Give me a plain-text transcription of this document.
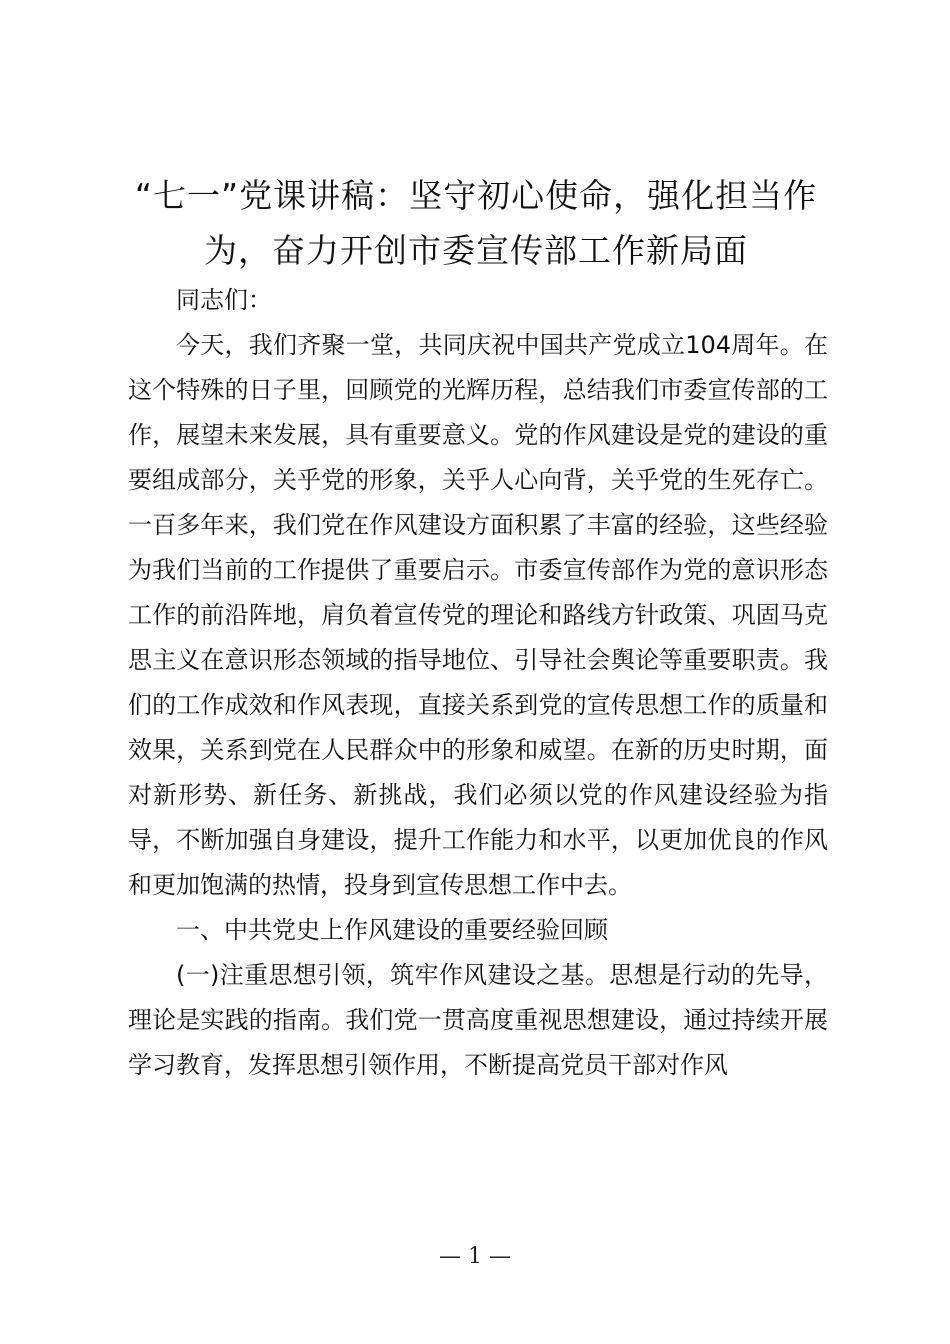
“七一”党课讲稿：坚守初心使命，强化担当作为，奋力开创市委宣传部工作新局面

同志们：

今天，我们齐聚一堂，共同庆祝中国共产党成立104周年。在这个特殊的日子里，回顾党的光辉历程，总结我们市委宣传部的工作，展望未来发展，具有重要意义。党的作风建设是党的建设的重要组成部分，关乎党的形象，关乎人心向背，关乎党的生死存亡。一百多年来，我们党在作风建设方面积累了丰富的经验，这些经验为我们当前的工作提供了重要启示。市委宣传部作为党的意识形态工作的前沿阵地，肩负着宣传党的理论和路线方针政策、巩固马克思主义在意识形态领域的指导地位、引导社会舆论等重要职责。我们的工作成效和作风表现，直接关系到党的宣传思想工作的质量和效果，关系到党在人民群众中的形象和威望。在新的历史时期，面对新形势、新任务、新挑战，我们必须以党的作风建设经验为指导，不断加强自身建设，提升工作能力和水平，以更加优良的作风和更加饱满的热情，投身到宣传思想工作中去。

一、中共党史上作风建设的重要经验回顾

(一)注重思想引领，筑牢作风建设之基。思想是行动的先导，理论是实践的指南。我们党一贯高度重视思想建设，通过持续开展学习教育，发挥思想引领作用，不断提高党员干部对作风

— 1 —
